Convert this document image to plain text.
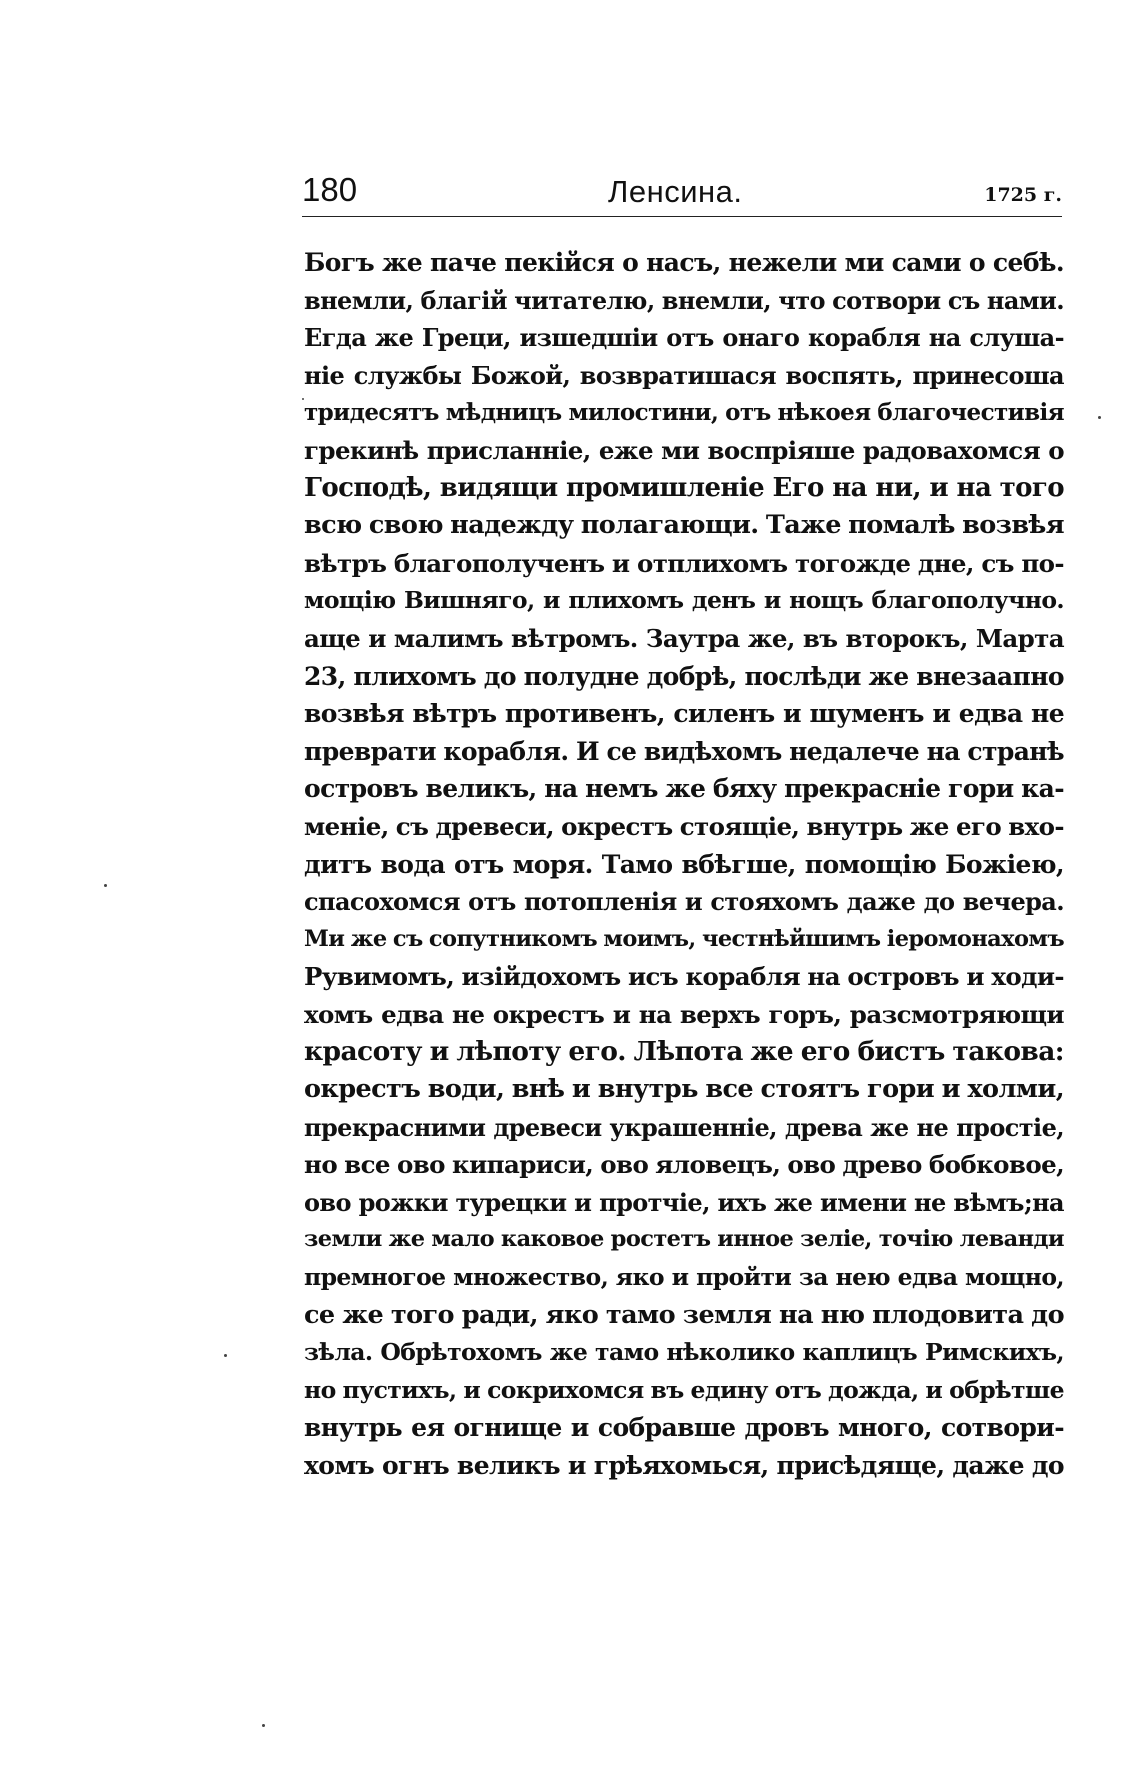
180	Ленсина.	1725 г.
Богъ же паче пекійся о насъ, нежели ми сами о себѣ.
внемли, благій читателю, внемли, что сотвори съ нами.
Егда же Греци, изшедшіи отъ онаго корабля на слуша-
ніе службы Божой, возвратишася воспять, принесоша
тридесятъ мѣдницъ милостини, отъ нѣкоея благочестивія
грекинѣ присланніе, еже ми воспріяше радовахомся о
Господѣ, видящи промишленіе Его на ни, и на того
всю свою надежду полагающи. Таже помалѣ возвѣя
вѣтръ благополученъ и отплихомъ тогожде дне, съ по-
мощію Вишняго, и плихомъ денъ и нощъ благополучно.
аще и малимъ вѣтромъ. Заутра же, въ второкъ, Марта
23, плихомъ до полудне добрѣ, послѣди же внезаапно
возвѣя вѣтръ противенъ, силенъ и шуменъ и едва не
преврати корабля. И се видѣхомъ недалече на странѣ
островъ великъ, на немъ же бяху прекрасніе гори ка-
меніе, съ древеси, окрестъ стоящіе, внутрь же его вхо-
дитъ вода отъ моря. Тамо вбѣгше, помощію Божіею,
спасохомся отъ потопленія и стояхомъ даже до вечера.
Ми же съ сопутникомъ моимъ, честнѣйшимъ іеромонахомъ
Рувимомъ, изійдохомъ исъ корабля на островъ и ходи-
хомъ едва не окрестъ и на верхъ горъ, разсмотряющи
красоту и лѣпоту его. Лѣпота же его бистъ такова:
окрестъ води, внѣ и внутрь все стоятъ гори и холми,
прекрасними древеси украшенніе, древа же не простіе,
но все ово кипариси, ово яловецъ, ово древо бобковое,
ово рожки турецки и протчіе, ихъ же имени не вѣмъ;на
земли же мало каковое ростетъ инное зеліе, точію леванди
премногое множество, яко и пройти за нею едва мощно,
се же того ради, яко тамо земля на ню плодовита до
зѣла. Обрѣтохомъ же тамо нѣколико каплицъ Римскихъ,
но пустихъ, и сокрихомся въ едину отъ дожда, и обрѣтше
внутрь ея огнище и собравше дровъ много, сотвори-
хомъ огнъ великъ и грѣяхомься, присѣдяще, даже до
